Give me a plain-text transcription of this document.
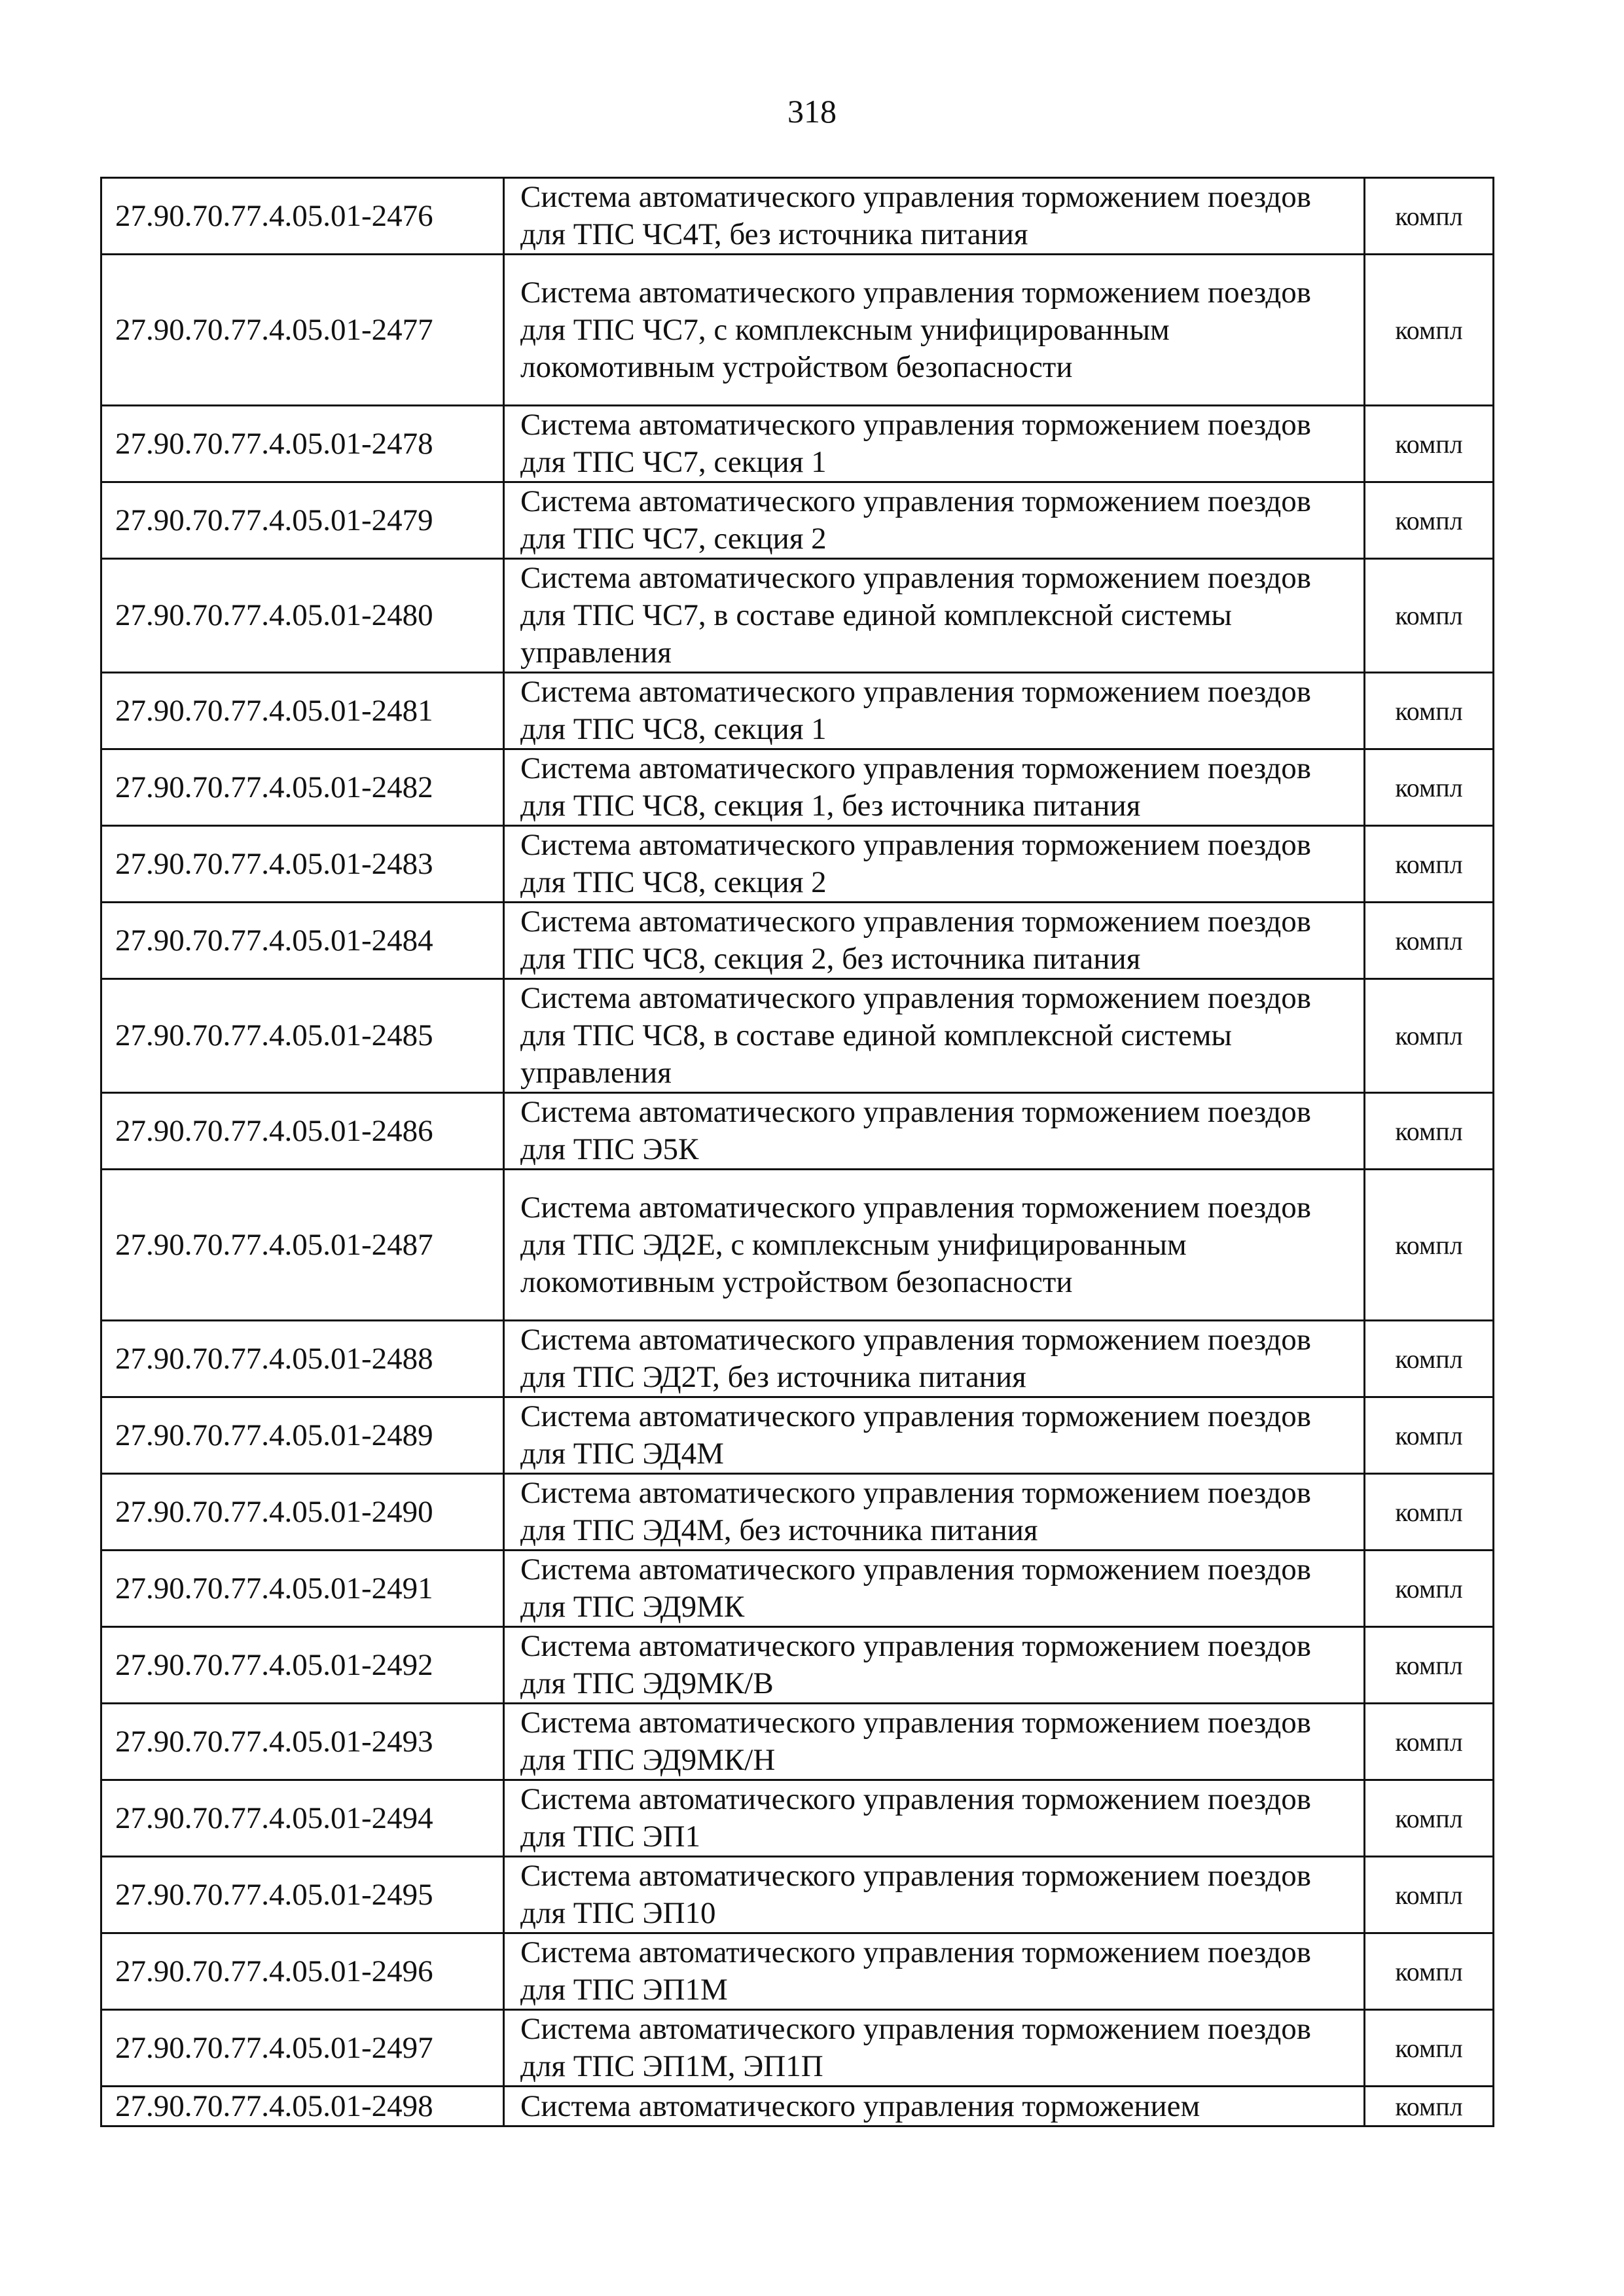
318
27.90.70.77.4.05.01-2476	Система автоматического управления торможением поездов для ТПС ЧС4Т, без источника питания	компл
27.90.70.77.4.05.01-2477	Система автоматического управления торможением поездов для ТПС ЧС7, с комплексным унифицированным локомотивным устройством безопасности	компл
27.90.70.77.4.05.01-2478	Система автоматического управления торможением поездов для ТПС ЧС7, секция 1	компл
27.90.70.77.4.05.01-2479	Система автоматического управления торможением поездов для ТПС ЧС7, секция 2	компл
27.90.70.77.4.05.01-2480	Система автоматического управления торможением поездов для ТПС ЧС7, в составе единой комплексной системы управления	компл
27.90.70.77.4.05.01-2481	Система автоматического управления торможением поездов для ТПС ЧС8, секция 1	компл
27.90.70.77.4.05.01-2482	Система автоматического управления торможением поездов для ТПС ЧС8, секция 1, без источника питания	компл
27.90.70.77.4.05.01-2483	Система автоматического управления торможением поездов для ТПС ЧС8, секция 2	компл
27.90.70.77.4.05.01-2484	Система автоматического управления торможением поездов для ТПС ЧС8, секция 2, без источника питания	компл
27.90.70.77.4.05.01-2485	Система автоматического управления торможением поездов для ТПС ЧС8, в составе единой комплексной системы управления	компл
27.90.70.77.4.05.01-2486	Система автоматического управления торможением поездов для ТПС Э5К	компл
27.90.70.77.4.05.01-2487	Система автоматического управления торможением поездов для ТПС ЭД2Е, с комплексным унифицированным локомотивным устройством безопасности	компл
27.90.70.77.4.05.01-2488	Система автоматического управления торможением поездов для ТПС ЭД2Т, без источника питания	компл
27.90.70.77.4.05.01-2489	Система автоматического управления торможением поездов для ТПС ЭД4М	компл
27.90.70.77.4.05.01-2490	Система автоматического управления торможением поездов для ТПС ЭД4М, без источника питания	компл
27.90.70.77.4.05.01-2491	Система автоматического управления торможением поездов для ТПС ЭД9МК	компл
27.90.70.77.4.05.01-2492	Система автоматического управления торможением поездов для ТПС ЭД9МК/В	компл
27.90.70.77.4.05.01-2493	Система автоматического управления торможением поездов для ТПС ЭД9МК/Н	компл
27.90.70.77.4.05.01-2494	Система автоматического управления торможением поездов для ТПС ЭП1	компл
27.90.70.77.4.05.01-2495	Система автоматического управления торможением поездов для ТПС ЭП10	компл
27.90.70.77.4.05.01-2496	Система автоматического управления торможением поездов для ТПС ЭП1М	компл
27.90.70.77.4.05.01-2497	Система автоматического управления торможением поездов для ТПС ЭП1М, ЭП1П	компл
27.90.70.77.4.05.01-2498	Система автоматического управления торможением	компл
